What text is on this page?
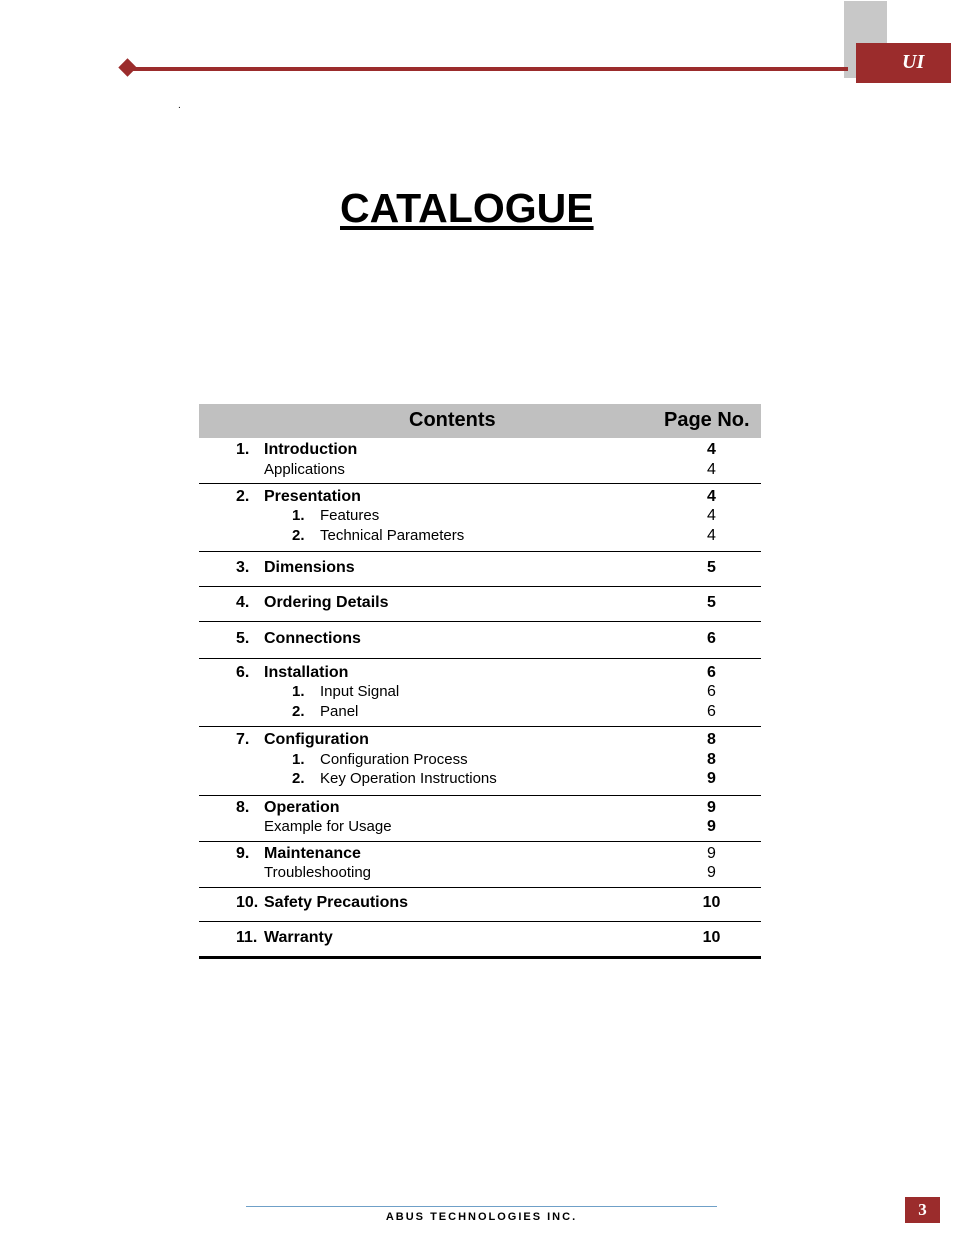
UI
.
CATALOGUE
Contents	Page No.
1. Introduction	4
Applications	4
2. Presentation	4
1. Features	4
2. Technical Parameters	4
3. Dimensions	5
4. Ordering Details	5
5. Connections	6
6. Installation	6
1. Input Signal	6
2. Panel	6
7. Configuration	8
1. Configuration Process	8
2. Key Operation Instructions	9
8. Operation	9
Example for Usage	9
9. Maintenance	9
Troubleshooting	9
10. Safety Precautions	10
11. Warranty	10
ABUS TECHNOLOGIES INC.	3
